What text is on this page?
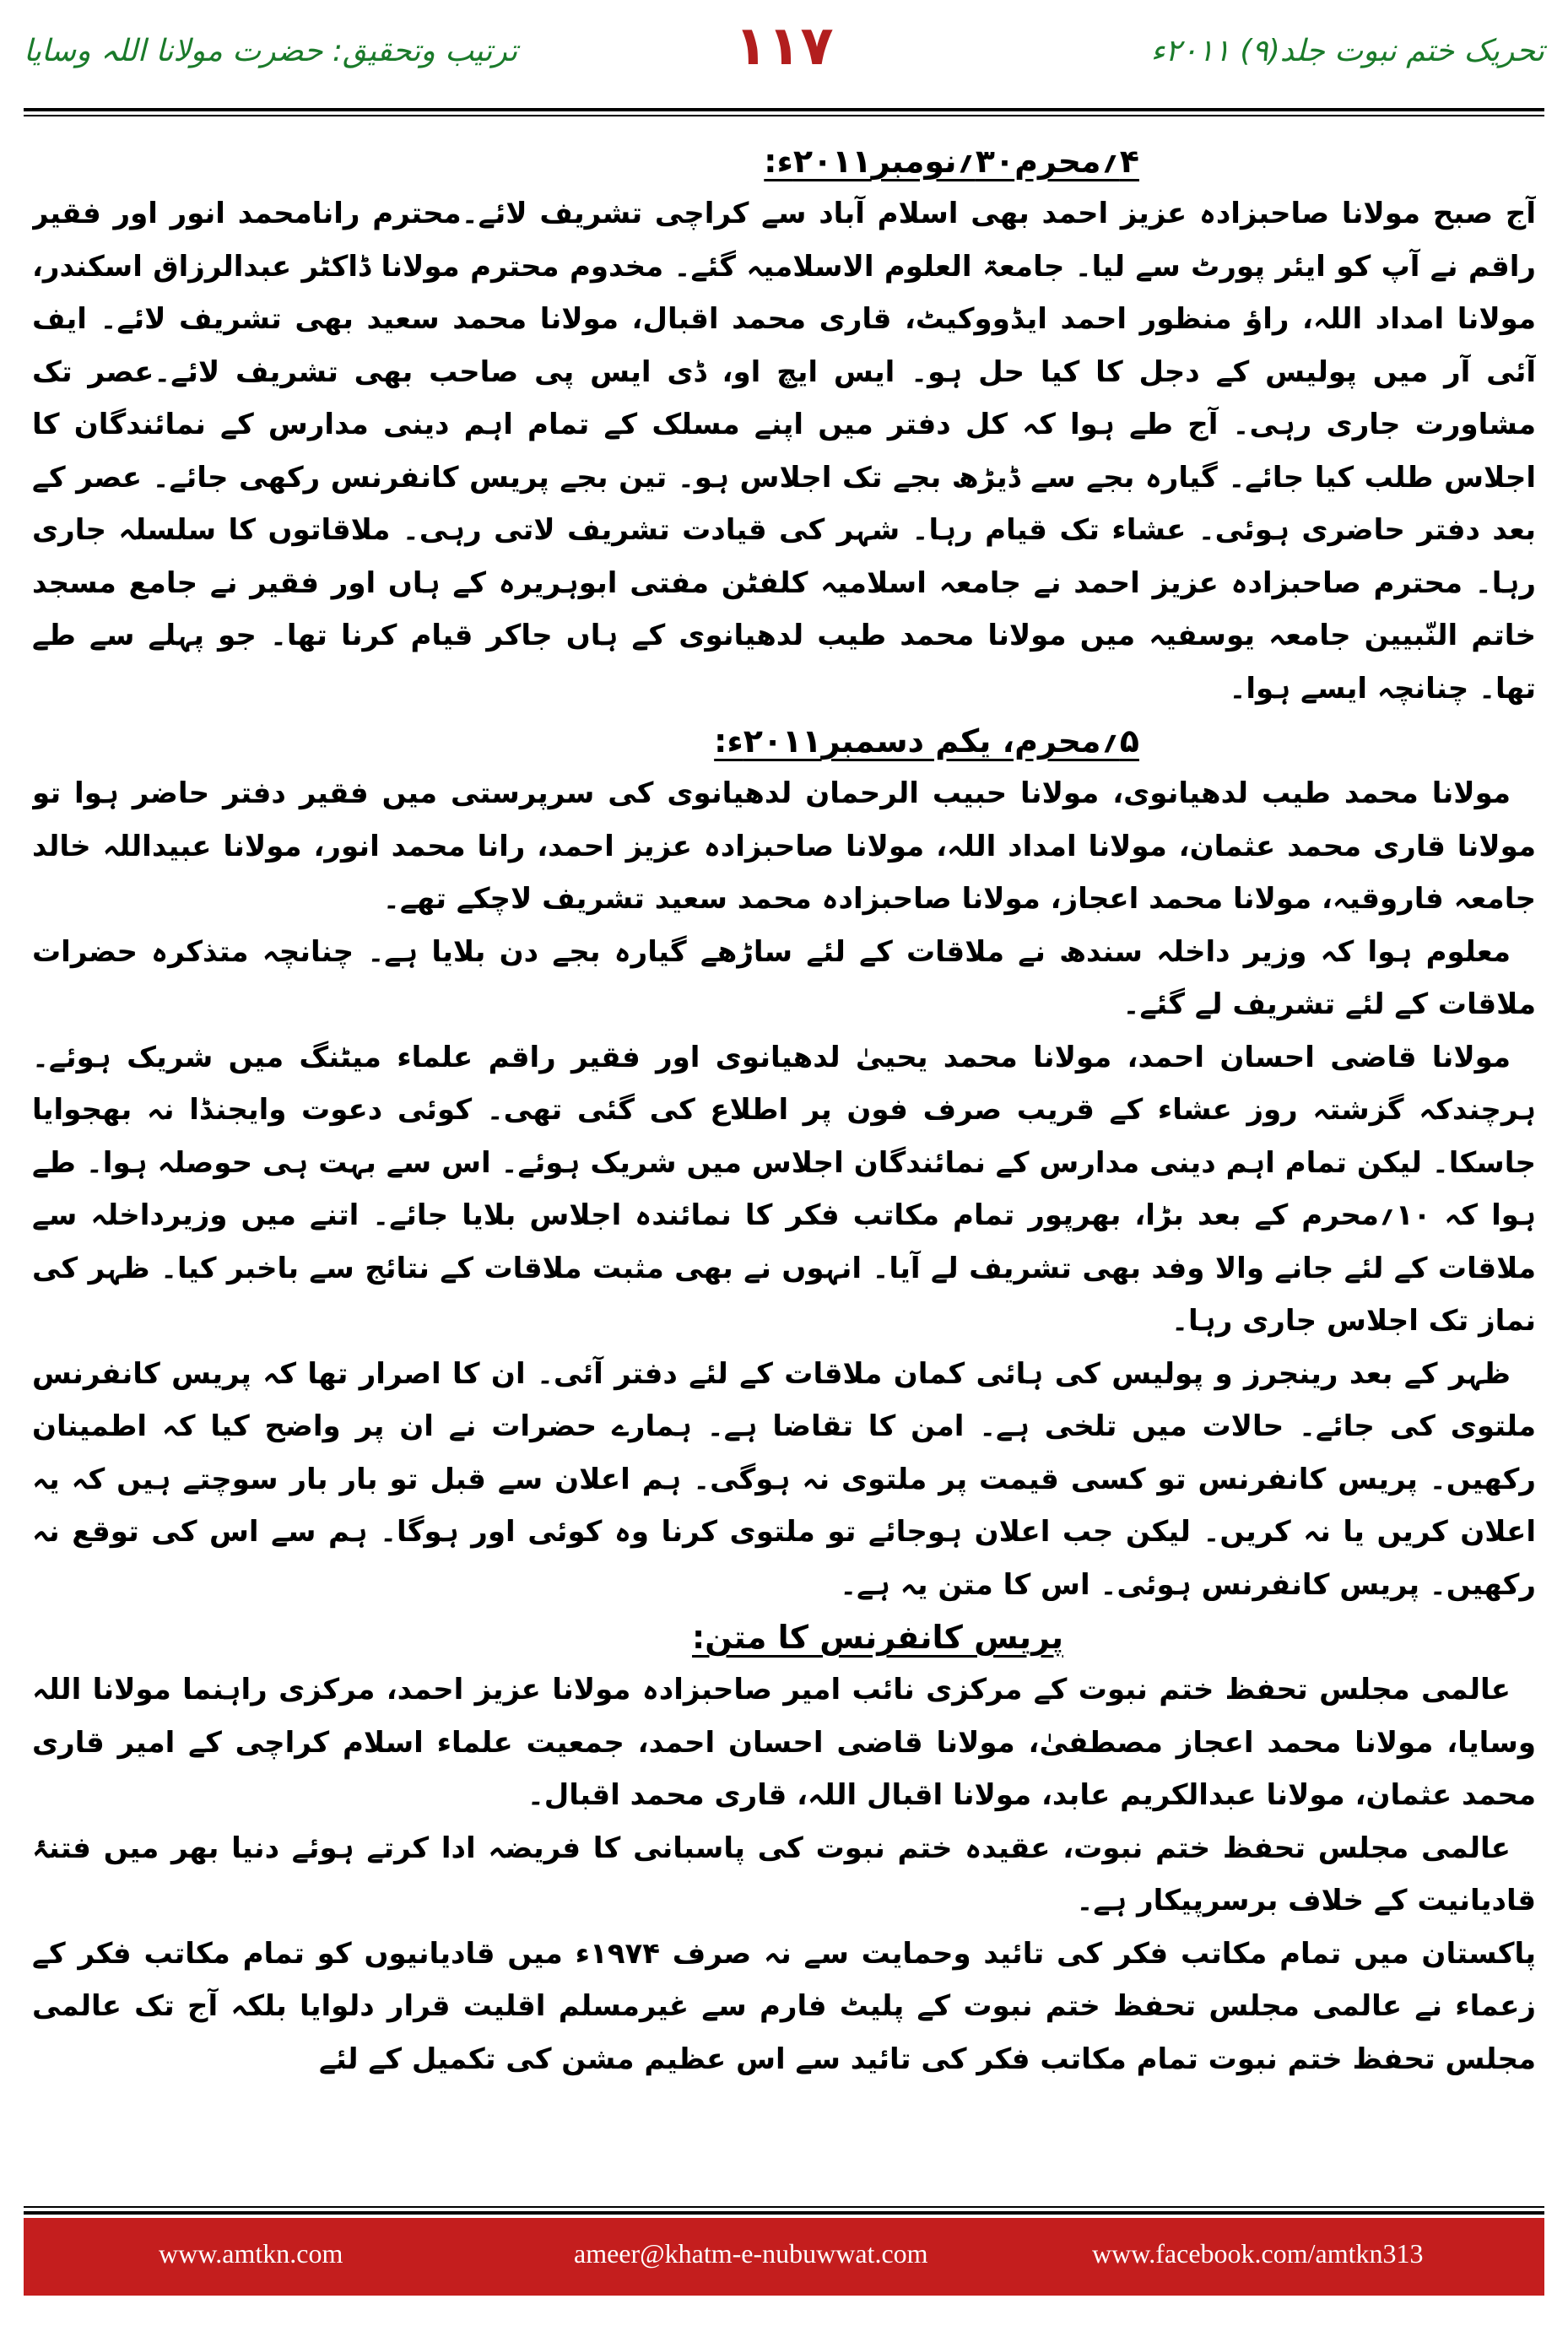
تحریک ختم نبوت جلد(۹) ۲۰۱۱ء
۱۱۷
ترتیب وتحقیق: حضرت مولانا اللہ وسایا
۴؍محرم۳۰؍نومبر۲۰۱۱ء:

آج صبح مولانا صاحبزادہ عزیز احمد بھی اسلام آباد سے کراچی تشریف لائے۔محترم رانامحمد انور اور فقیر راقم نے آپ کو ایئر پورٹ سے لیا۔ جامعۃ العلوم الاسلامیہ گئے۔ مخدوم محترم مولانا ڈاکٹر عبدالرزاق اسکندر، مولانا امداد اللہ، راؤ منظور احمد ایڈووکیٹ، قاری محمد اقبال، مولانا محمد سعید بھی تشریف لائے۔ ایف آئی آر میں پولیس کے دجل کا کیا حل ہو۔ ایس ایچ او، ڈی ایس پی صاحب بھی تشریف لائے۔عصر تک مشاورت جاری رہی۔ آج طے ہوا کہ کل دفتر میں اپنے مسلک کے تمام اہم دینی مدارس کے نمائندگان کا اجلاس طلب کیا جائے۔ گیارہ بجے سے ڈیڑھ بجے تک اجلاس ہو۔ تین بجے پریس کانفرنس رکھی جائے۔ عصر کے بعد دفتر حاضری ہوئی۔ عشاء تک قیام رہا۔ شہر کی قیادت تشریف لاتی رہی۔ ملاقاتوں کا سلسلہ جاری رہا۔ محترم صاحبزادہ عزیز احمد نے جامعہ اسلامیہ کلفٹن مفتی ابوہریرہ کے ہاں اور فقیر نے جامع مسجد خاتم النّبیین جامعہ یوسفیہ میں مولانا محمد طیب لدھیانوی کے ہاں جاکر قیام کرنا تھا۔ جو پہلے سے طے تھا۔ چنانچہ ایسے ہوا۔

۵؍محرم، یکم دسمبر۲۰۱۱ء:

مولانا محمد طیب لدھیانوی، مولانا حبیب الرحمان لدھیانوی کی سرپرستی میں فقیر دفتر حاضر ہوا تو مولانا قاری محمد عثمان، مولانا امداد اللہ، مولانا صاحبزادہ عزیز احمد، رانا محمد انور، مولانا عبیداللہ خالد جامعہ فاروقیہ، مولانا محمد اعجاز، مولانا صاحبزادہ محمد سعید تشریف لاچکے تھے۔

معلوم ہوا کہ وزیر داخلہ سندھ نے ملاقات کے لئے ساڑھے گیارہ بجے دن بلایا ہے۔ چنانچہ متذکرہ حضرات ملاقات کے لئے تشریف لے گئے۔

مولانا قاضی احسان احمد، مولانا محمد یحییٰ لدھیانوی اور فقیر راقم علماء میٹنگ میں شریک ہوئے۔ ہرچندکہ گزشتہ روز عشاء کے قریب صرف فون پر اطلاع کی گئی تھی۔ کوئی دعوت وایجنڈا نہ بھجوایا جاسکا۔ لیکن تمام اہم دینی مدارس کے نمائندگان اجلاس میں شریک ہوئے۔ اس سے بہت ہی حوصلہ ہوا۔ طے ہوا کہ ۱۰؍محرم کے بعد بڑا، بھرپور تمام مکاتب فکر کا نمائندہ اجلاس بلایا جائے۔ اتنے میں وزیرداخلہ سے ملاقات کے لئے جانے والا وفد بھی تشریف لے آیا۔ انہوں نے بھی مثبت ملاقات کے نتائج سے باخبر کیا۔ ظہر کی نماز تک اجلاس جاری رہا۔

ظہر کے بعد رینجرز و پولیس کی ہائی کمان ملاقات کے لئے دفتر آئی۔ ان کا اصرار تھا کہ پریس کانفرنس ملتوی کی جائے۔ حالات میں تلخی ہے۔ امن کا تقاضا ہے۔ ہمارے حضرات نے ان پر واضح کیا کہ اطمینان رکھیں۔ پریس کانفرنس تو کسی قیمت پر ملتوی نہ ہوگی۔ ہم اعلان سے قبل تو بار بار سوچتے ہیں کہ یہ اعلان کریں یا نہ کریں۔ لیکن جب اعلان ہوجائے تو ملتوی کرنا وہ کوئی اور ہوگا۔ ہم سے اس کی توقع نہ رکھیں۔ پریس کانفرنس ہوئی۔ اس کا متن یہ ہے۔

پریس کانفرنس کا متن:

عالمی مجلس تحفظ ختم نبوت کے مرکزی نائب امیر صاحبزادہ مولانا عزیز احمد، مرکزی راہنما مولانا اللہ وسایا، مولانا محمد اعجاز مصطفیٰ، مولانا قاضی احسان احمد، جمعیت علماء اسلام کراچی کے امیر قاری محمد عثمان، مولانا عبدالکریم عابد، مولانا اقبال اللہ، قاری محمد اقبال۔

عالمی مجلس تحفظ ختم نبوت، عقیدہ ختم نبوت کی پاسبانی کا فریضہ ادا کرتے ہوئے دنیا بھر میں فتنۂ قادیانیت کے خلاف برسرپیکار ہے۔

پاکستان میں تمام مکاتب فکر کی تائید وحمایت سے نہ صرف ۱۹۷۴ء میں قادیانیوں کو تمام مکاتب فکر کے زعماء نے عالمی مجلس تحفظ ختم نبوت کے پلیٹ فارم سے غیرمسلم اقلیت قرار دلوایا بلکہ آج تک عالمی مجلس تحفظ ختم نبوت تمام مکاتب فکر کی تائید سے اس عظیم مشن کی تکمیل کے لئے

www.amtkn.com	ameer@khatm-e-nubuwwat.com	www.facebook.com/amtkn313
